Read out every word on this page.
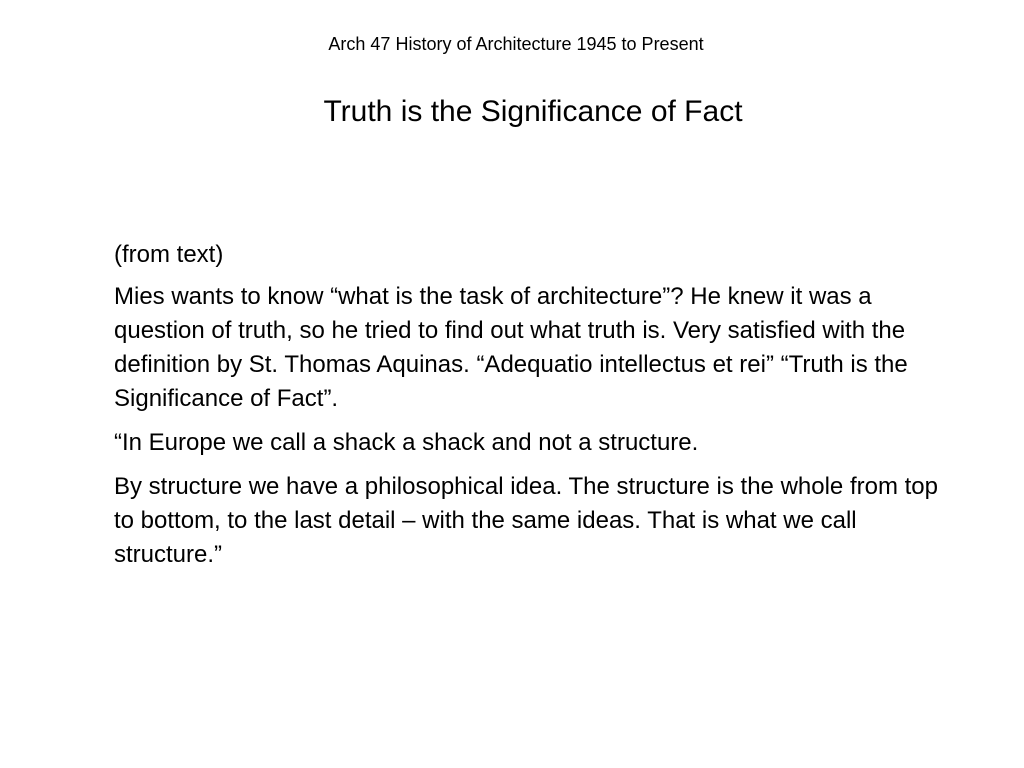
Arch 47 History of Architecture 1945 to Present
Truth is the Significance of Fact

(from text)

Mies wants to know “what is the task of architecture”? He knew it was a question of truth, so he tried to find out what truth is. Very satisfied with the definition by St. Thomas Aquinas. “Adequatio intellectus et rei” “Truth is the Significance of Fact”.

“In Europe we call a shack a shack and not a structure.

By structure we have a philosophical idea. The structure is the whole from top to bottom, to the last detail – with the same ideas. That is what we call structure.”
